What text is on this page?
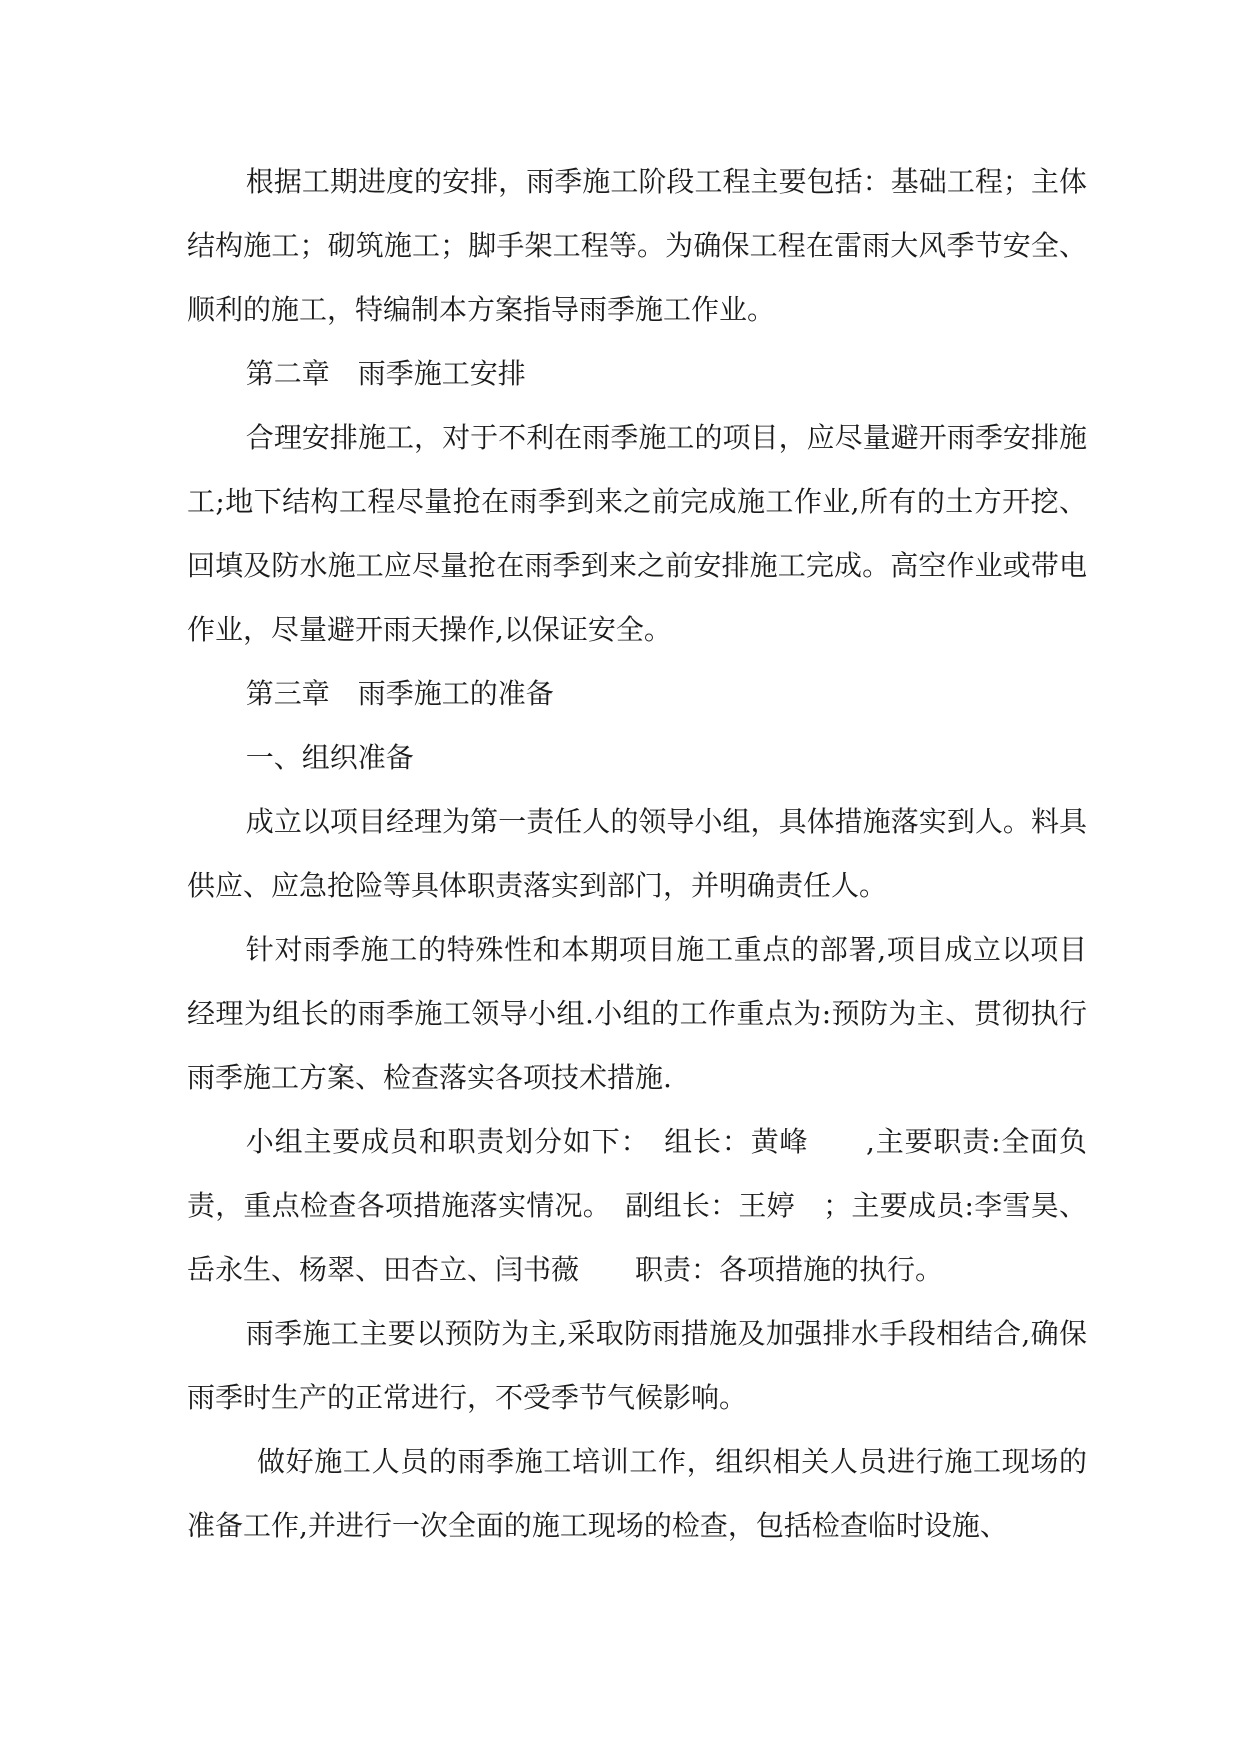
根据工期进度的安排，雨季施工阶段工程主要包括：基础工程；主体结构施工；砌筑施工；脚手架工程等。为确保工程在雷雨大风季节安全、顺利的施工，特编制本方案指导雨季施工作业。

第二章　雨季施工安排

合理安排施工，对于不利在雨季施工的项目，应尽量避开雨季安排施工;地下结构工程尽量抢在雨季到来之前完成施工作业,所有的土方开挖、回填及防水施工应尽量抢在雨季到来之前安排施工完成。高空作业或带电作业，尽量避开雨天操作,以保证安全。

第三章　雨季施工的准备

一、组织准备

成立以项目经理为第一责任人的领导小组，具体措施落实到人。料具供应、应急抢险等具体职责落实到部门，并明确责任人。

针对雨季施工的特殊性和本期项目施工重点的部署,项目成立以项目经理为组长的雨季施工领导小组.小组的工作重点为:预防为主、贯彻执行雨季施工方案、检查落实各项技术措施.

小组主要成员和职责划分如下：　组长：黄峰　　,主要职责:全面负责，重点检查各项措施落实情况。　副组长：王婷　；主要成员:李雪昊、岳永生、杨翠、田杏立、闫书薇　　职责：各项措施的执行。

雨季施工主要以预防为主,采取防雨措施及加强排水手段相结合,确保雨季时生产的正常进行，不受季节气候影响。

做好施工人员的雨季施工培训工作，组织相关人员进行施工现场的准备工作,并进行一次全面的施工现场的检查，包括检查临时设施、
